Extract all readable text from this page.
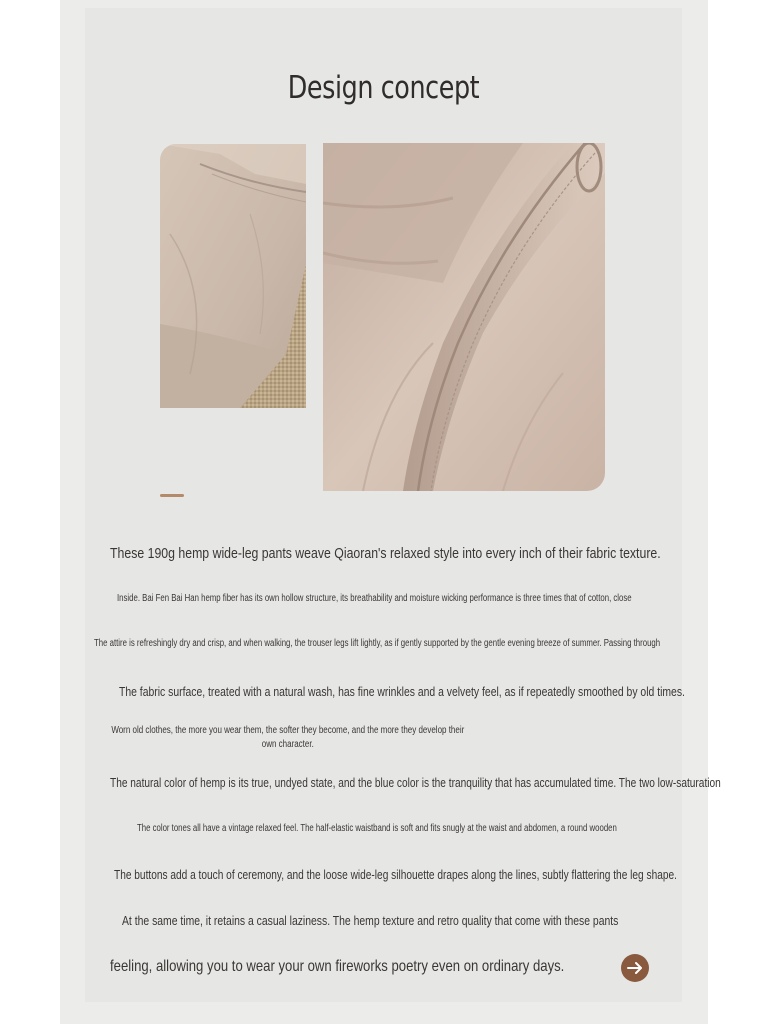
Design concept
These 190g hemp wide-leg pants weave Qiaoran's relaxed style into every inch of their fabric texture.
Inside. Bai Fen Bai Han hemp fiber has its own hollow structure, its breathability and moisture wicking performance is three times that of cotton, close
The attire is refreshingly dry and crisp, and when walking, the trouser legs lift lightly, as if gently supported by the gentle evening breeze of summer. Passing through
The fabric surface, treated with a natural wash, has fine wrinkles and a velvety feel, as if repeatedly smoothed by old times.
Worn old clothes, the more you wear them, the softer they become, and the more they develop their own character.
The natural color of hemp is its true, undyed state, and the blue color is the tranquility that has accumulated time. The two low-saturation
The color tones all have a vintage relaxed feel. The half-elastic waistband is soft and fits snugly at the waist and abdomen, a round wooden
The buttons add a touch of ceremony, and the loose wide-leg silhouette drapes along the lines, subtly flattering the leg shape.
At the same time, it retains a casual laziness. The hemp texture and retro quality that come with these pants
feeling, allowing you to wear your own fireworks poetry even on ordinary days.
